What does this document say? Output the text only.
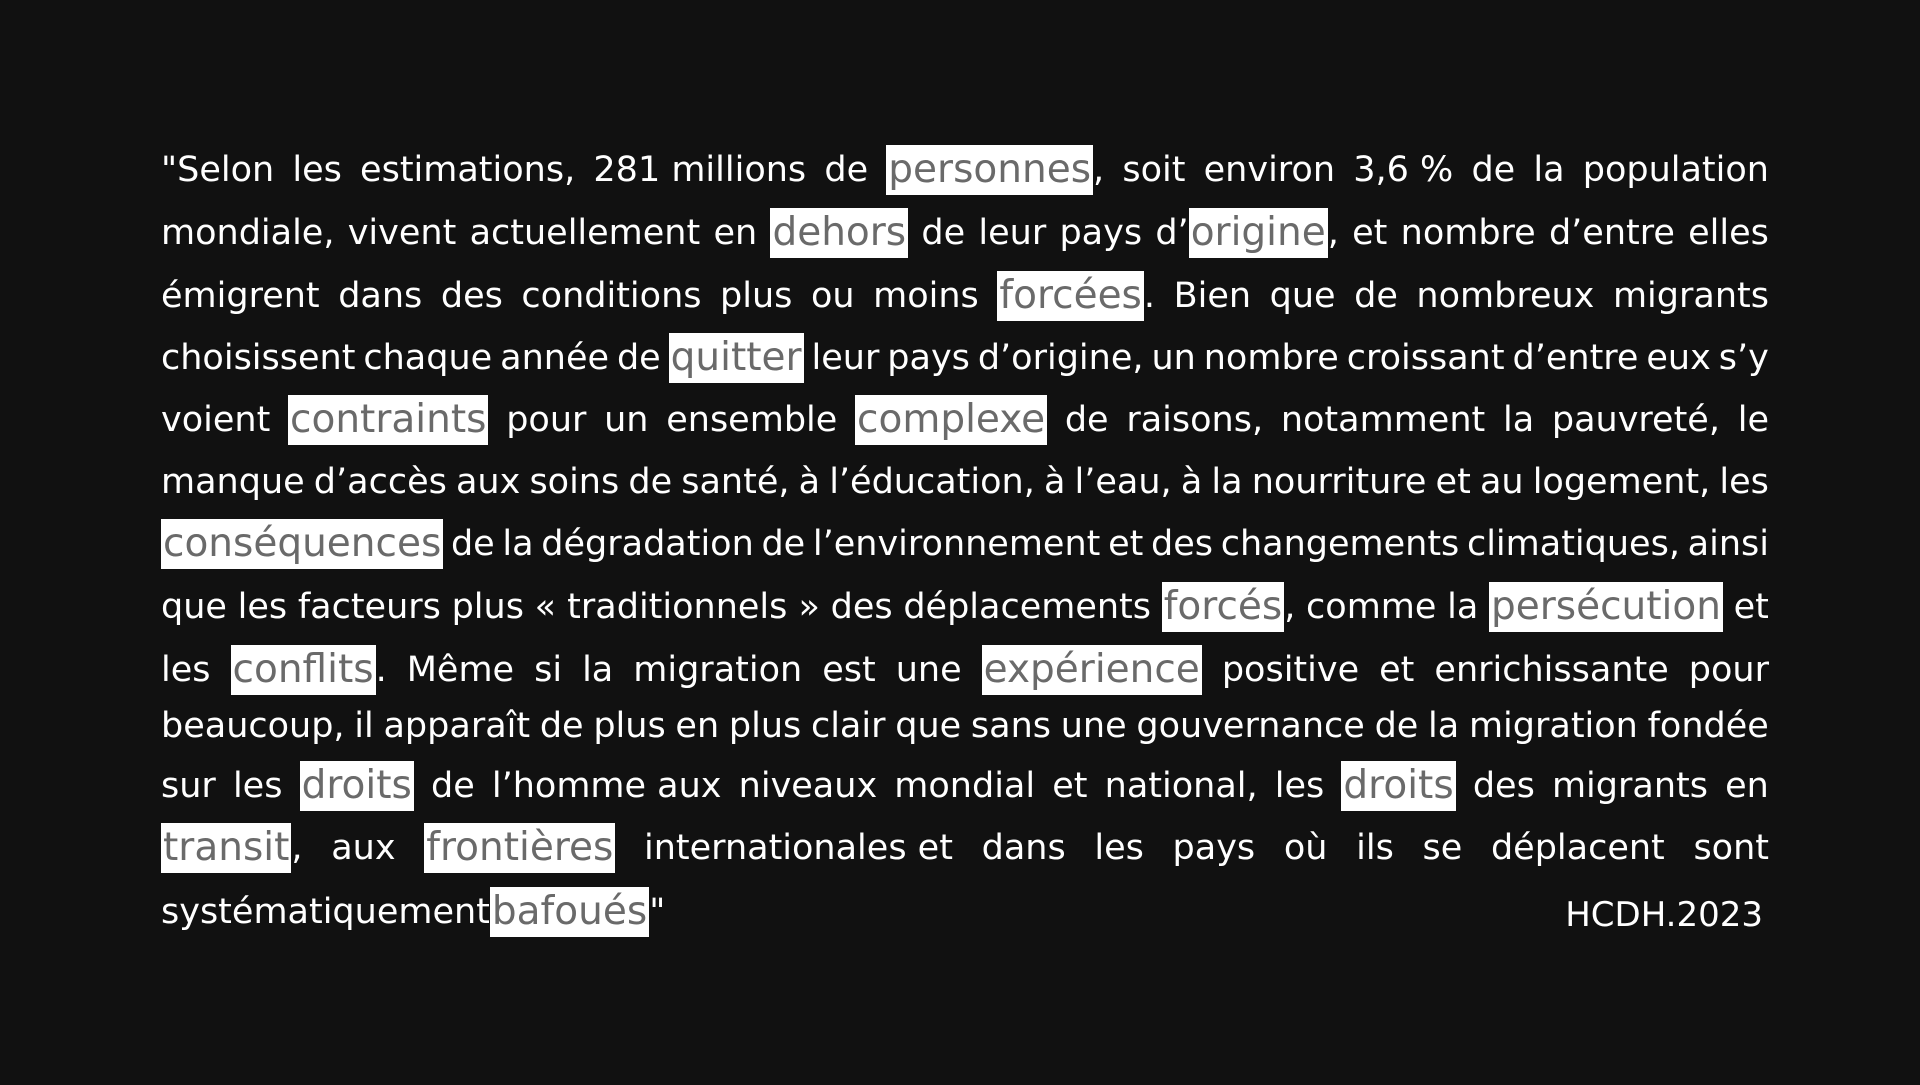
"Selon les estimations, 281 millions de personnes , soit environ 3,6 % de la population
mondiale, vivent actuellement en dehors de leur pays d’ origine , et nombre d’entre elles
émigrent dans des conditions plus ou moins forcées . Bien que de nombreux migrants
choisissent chaque année de quitter leur pays d’origine, un nombre croissant d’entre eux s’y
voient contraints pour un ensemble complexe de raisons, notamment la pauvreté, le
manque d’accès aux soins de santé, à l’éducation, à l’eau, à la nourriture et au logement, les
conséquences de la dégradation de l’environnement et des changements climatiques, ainsi
que les facteurs plus « traditionnels » des déplacements forcés , comme la persécution et
les conflits . Même si la migration est une expérience positive et enrichissante pour
beaucoup, il apparaît de plus en plus clair que sans une gouvernance de la migration fondée
sur les droits de l’homme aux niveaux mondial et national, les droits des migrants en
transit , aux frontières internationales et dans les pays où ils se déplacent sont
systématiquement bafoués "	HCDH.2023
